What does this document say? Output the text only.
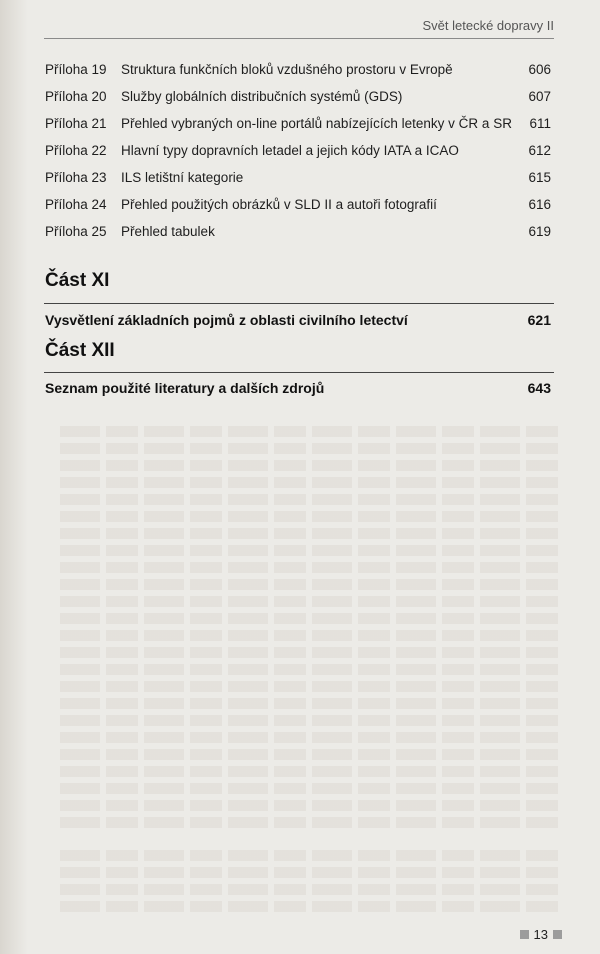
Svět letecké dopravy II
Příloha 19 Struktura funkčních bloků vzdušného prostoru v Evropě	606
Příloha 20 Služby globálních distribučních systémů (GDS)	607
Příloha 21 Přehled vybraných on-line portálů nabízejících letenky v ČR a SR 611
Příloha 22 Hlavní typy dopravních letadel a jejich kódy IATA a ICAO	612
Příloha 23 ILS letištní kategorie	615
Příloha 24 Přehled použitých obrázků v SLD II a autoři fotografií	616
Příloha 25 Přehled tabulek	619
Část XI
Vysvětlení základních pojmů z oblasti civilního letectví	621
Část XII
Seznam použité literatury a dalších zdrojů	643
13
